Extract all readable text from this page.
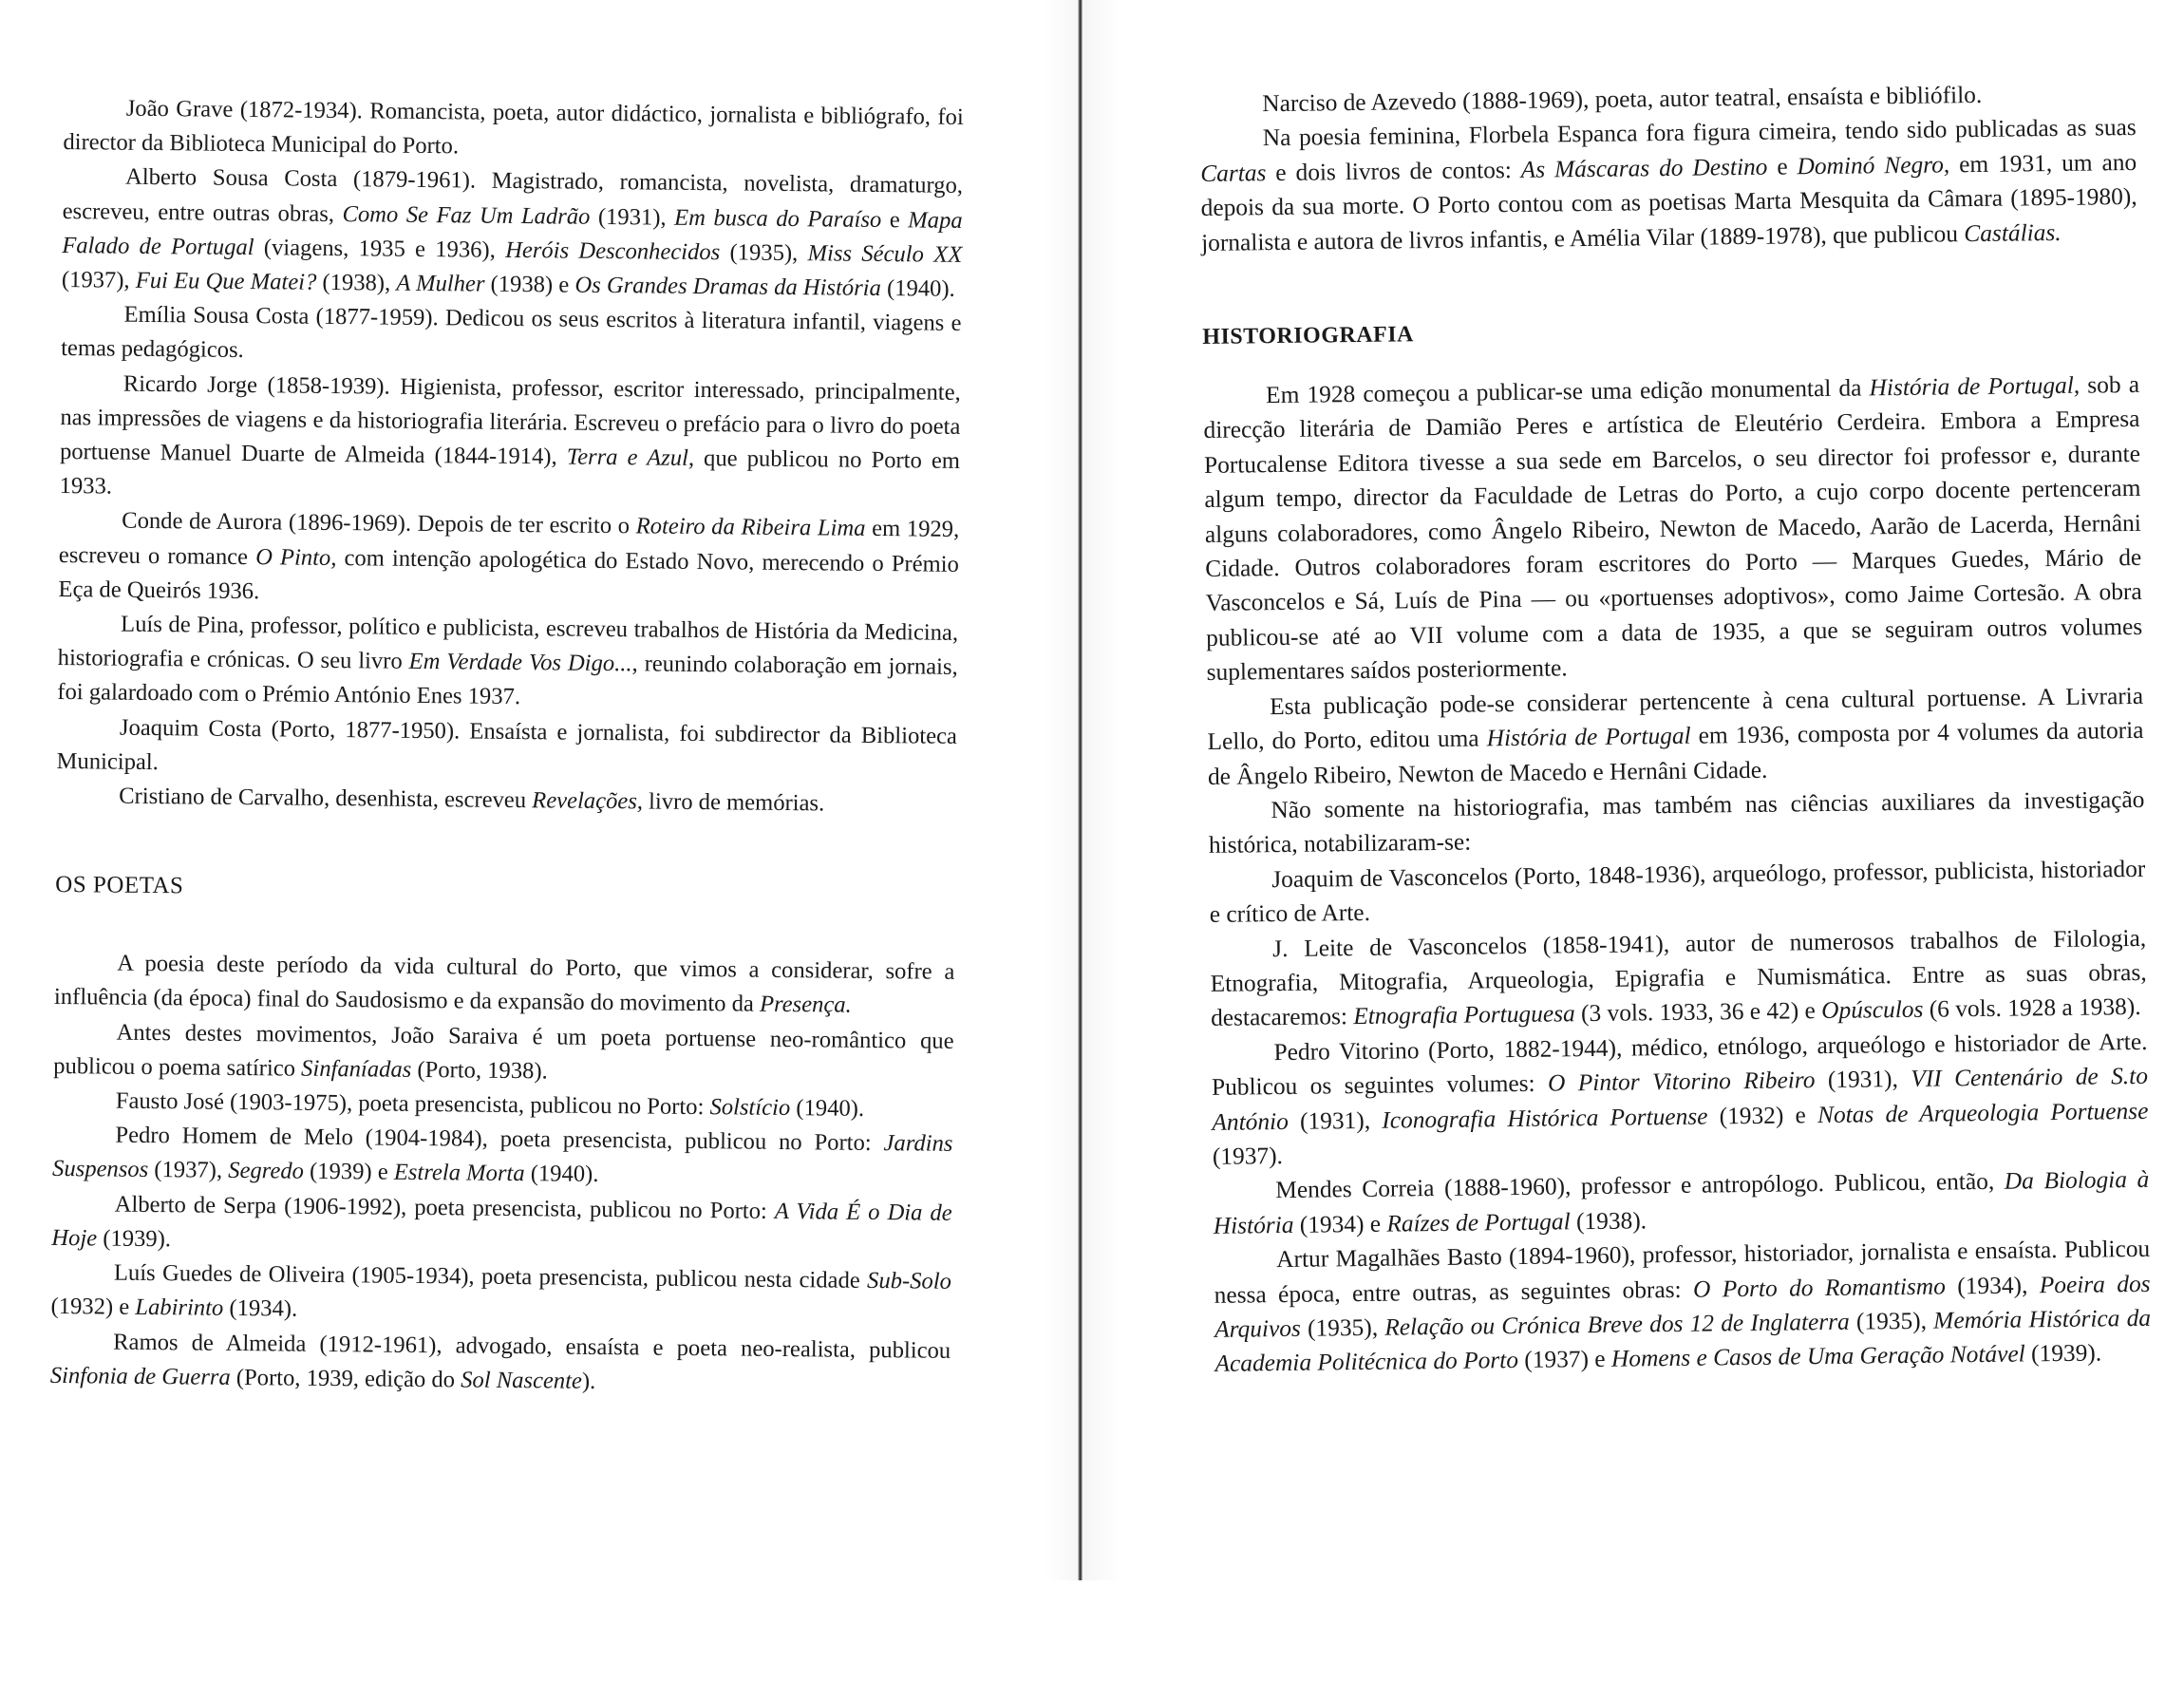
João Grave (1872-1934). Romancista, poeta, autor didáctico, jornalista e bibliógrafo, foi director da Biblioteca Municipal do Porto.

Alberto Sousa Costa (1879-1961). Magistrado, romancista, novelista, dramaturgo, escreveu, entre outras obras, Como Se Faz Um Ladrão (1931), Em busca do Paraíso e Mapa Falado de Portugal (viagens, 1935 e 1936), Heróis Desconhecidos (1935), Miss Século XX (1937), Fui Eu Que Matei? (1938), A Mulher (1938) e Os Grandes Dramas da História (1940).

Emília Sousa Costa (1877-1959). Dedicou os seus escritos à literatura infantil, viagens e temas pedagógicos.

Ricardo Jorge (1858-1939). Higienista, professor, escritor interessado, principalmente, nas impressões de viagens e da historiografia literária. Escreveu o prefácio para o livro do poeta portuense Manuel Duarte de Almeida (1844-1914), Terra e Azul, que publicou no Porto em 1933.

Conde de Aurora (1896-1969). Depois de ter escrito o Roteiro da Ribeira Lima em 1929, escreveu o romance O Pinto, com intenção apologética do Estado Novo, merecendo o Prémio Eça de Queirós 1936.

Luís de Pina, professor, político e publicista, escreveu trabalhos de História da Medicina, historiografia e crónicas. O seu livro Em Verdade Vos Digo..., reunindo colaboração em jornais, foi galardoado com o Prémio António Enes 1937.

Joaquim Costa (Porto, 1877-1950). Ensaísta e jornalista, foi subdirector da Biblioteca Municipal.

Cristiano de Carvalho, desenhista, escreveu Revelações, livro de memórias.

OS POETAS

A poesia deste período da vida cultural do Porto, que vimos a considerar, sofre a influência (da época) final do Saudosismo e da expansão do movimento da Presença.

Antes destes movimentos, João Saraiva é um poeta portuense neo-romântico que publicou o poema satírico Sinfaníadas (Porto, 1938).

Fausto José (1903-1975), poeta presencista, publicou no Porto: Solstício (1940).

Pedro Homem de Melo (1904-1984), poeta presencista, publicou no Porto: Jardins Suspensos (1937), Segredo (1939) e Estrela Morta (1940).

Alberto de Serpa (1906-1992), poeta presencista, publicou no Porto: A Vida É o Dia de Hoje (1939).

Luís Guedes de Oliveira (1905-1934), poeta presencista, publicou nesta cidade Sub-Solo (1932) e Labirinto (1934).

Ramos de Almeida (1912-1961), advogado, ensaísta e poeta neo-realista, publicou Sinfonia de Guerra (Porto, 1939, edição do Sol Nascente).

Narciso de Azevedo (1888-1969), poeta, autor teatral, ensaísta e bibliófilo.

Na poesia feminina, Florbela Espanca fora figura cimeira, tendo sido publicadas as suas Cartas e dois livros de contos: As Máscaras do Destino e Dominó Negro, em 1931, um ano depois da sua morte. O Porto contou com as poetisas Marta Mesquita da Câmara (1895-1980), jornalista e autora de livros infantis, e Amélia Vilar (1889-1978), que publicou Castálias.

HISTORIOGRAFIA

Em 1928 começou a publicar-se uma edição monumental da História de Portugal, sob a direcção literária de Damião Peres e artística de Eleutério Cerdeira. Embora a Empresa Portucalense Editora tivesse a sua sede em Barcelos, o seu director foi professor e, durante algum tempo, director da Faculdade de Letras do Porto, a cujo corpo docente pertenceram alguns colaboradores, como Ângelo Ribeiro, Newton de Macedo, Aarão de Lacerda, Hernâni Cidade. Outros colaboradores foram escritores do Porto — Marques Guedes, Mário de Vasconcelos e Sá, Luís de Pina — ou «portuenses adoptivos», como Jaime Cortesão. A obra publicou-se até ao VII volume com a data de 1935, a que se seguiram outros volumes suplementares saídos posteriormente.

Esta publicação pode-se considerar pertencente à cena cultural portuense. A Livraria Lello, do Porto, editou uma História de Portugal em 1936, composta por 4 volumes da autoria de Ângelo Ribeiro, Newton de Macedo e Hernâni Cidade.

Não somente na historiografia, mas também nas ciências auxiliares da investigação histórica, notabilizaram-se:

Joaquim de Vasconcelos (Porto, 1848-1936), arqueólogo, professor, publicista, historiador e crítico de Arte.

J. Leite de Vasconcelos (1858-1941), autor de numerosos trabalhos de Filologia, Etnografia, Mitografia, Arqueologia, Epigrafia e Numismática. Entre as suas obras, destacaremos: Etnografia Portuguesa (3 vols. 1933, 36 e 42) e Opúsculos (6 vols. 1928 a 1938).

Pedro Vitorino (Porto, 1882-1944), médico, etnólogo, arqueólogo e historiador de Arte. Publicou os seguintes volumes: O Pintor Vitorino Ribeiro (1931), VII Centenário de S.to António (1931), Iconografia Histórica Portuense (1932) e Notas de Arqueologia Portuense (1937).

Mendes Correia (1888-1960), professor e antropólogo. Publicou, então, Da Biologia à História (1934) e Raízes de Portugal (1938).

Artur Magalhães Basto (1894-1960), professor, historiador, jornalista e ensaísta. Publicou nessa época, entre outras, as seguintes obras: O Porto do Romantismo (1934), Poeira dos Arquivos (1935), Relação ou Crónica Breve dos 12 de Inglaterra (1935), Memória Histórica da Academia Politécnica do Porto (1937) e Homens e Casos de Uma Geração Notável (1939).
